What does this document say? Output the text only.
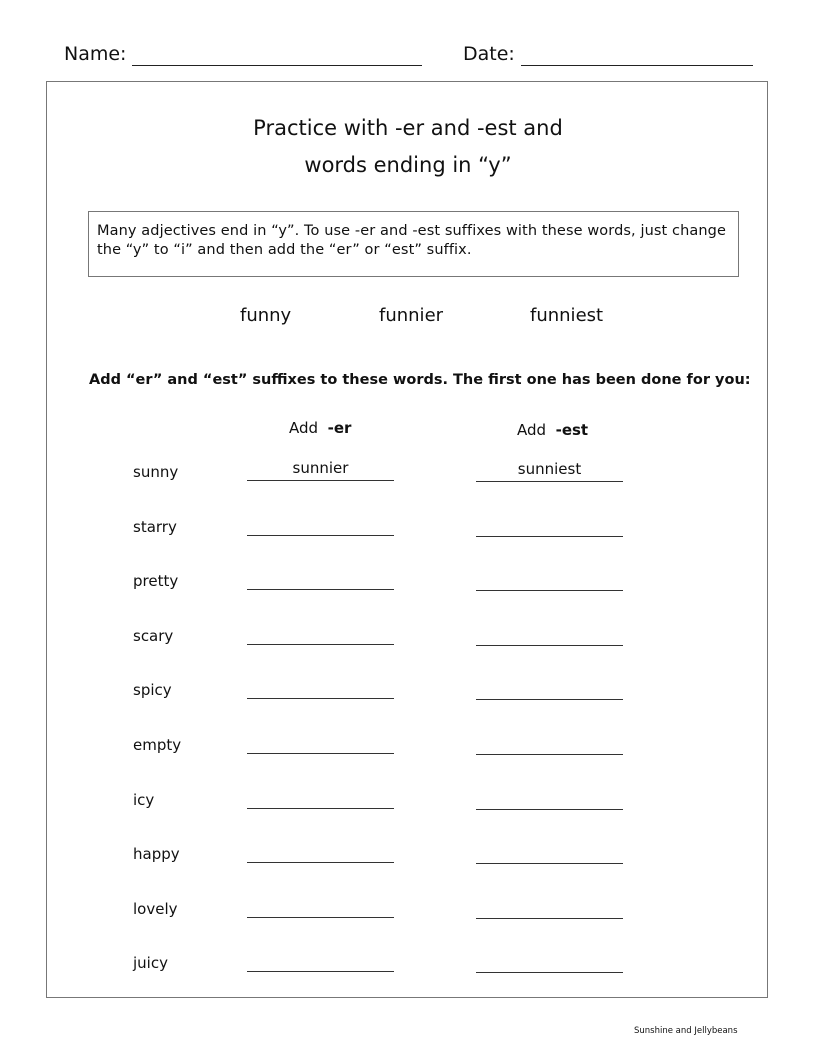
Name:	Date:
Practice with -er and -est and
words ending in “y”
Many adjectives end in “y”. To use -er and -est suffixes with these words, just change the “y” to “i” and then add the “er” or “est” suffix.
funny	funnier	funniest
Add “er” and “est” suffixes to these words. The first one has been done for you:
Add -er	Add -est
sunny	sunnier	sunniest
starry
pretty
scary
spicy
empty
icy
happy
lovely
juicy
Sunshine and Jellybeans
